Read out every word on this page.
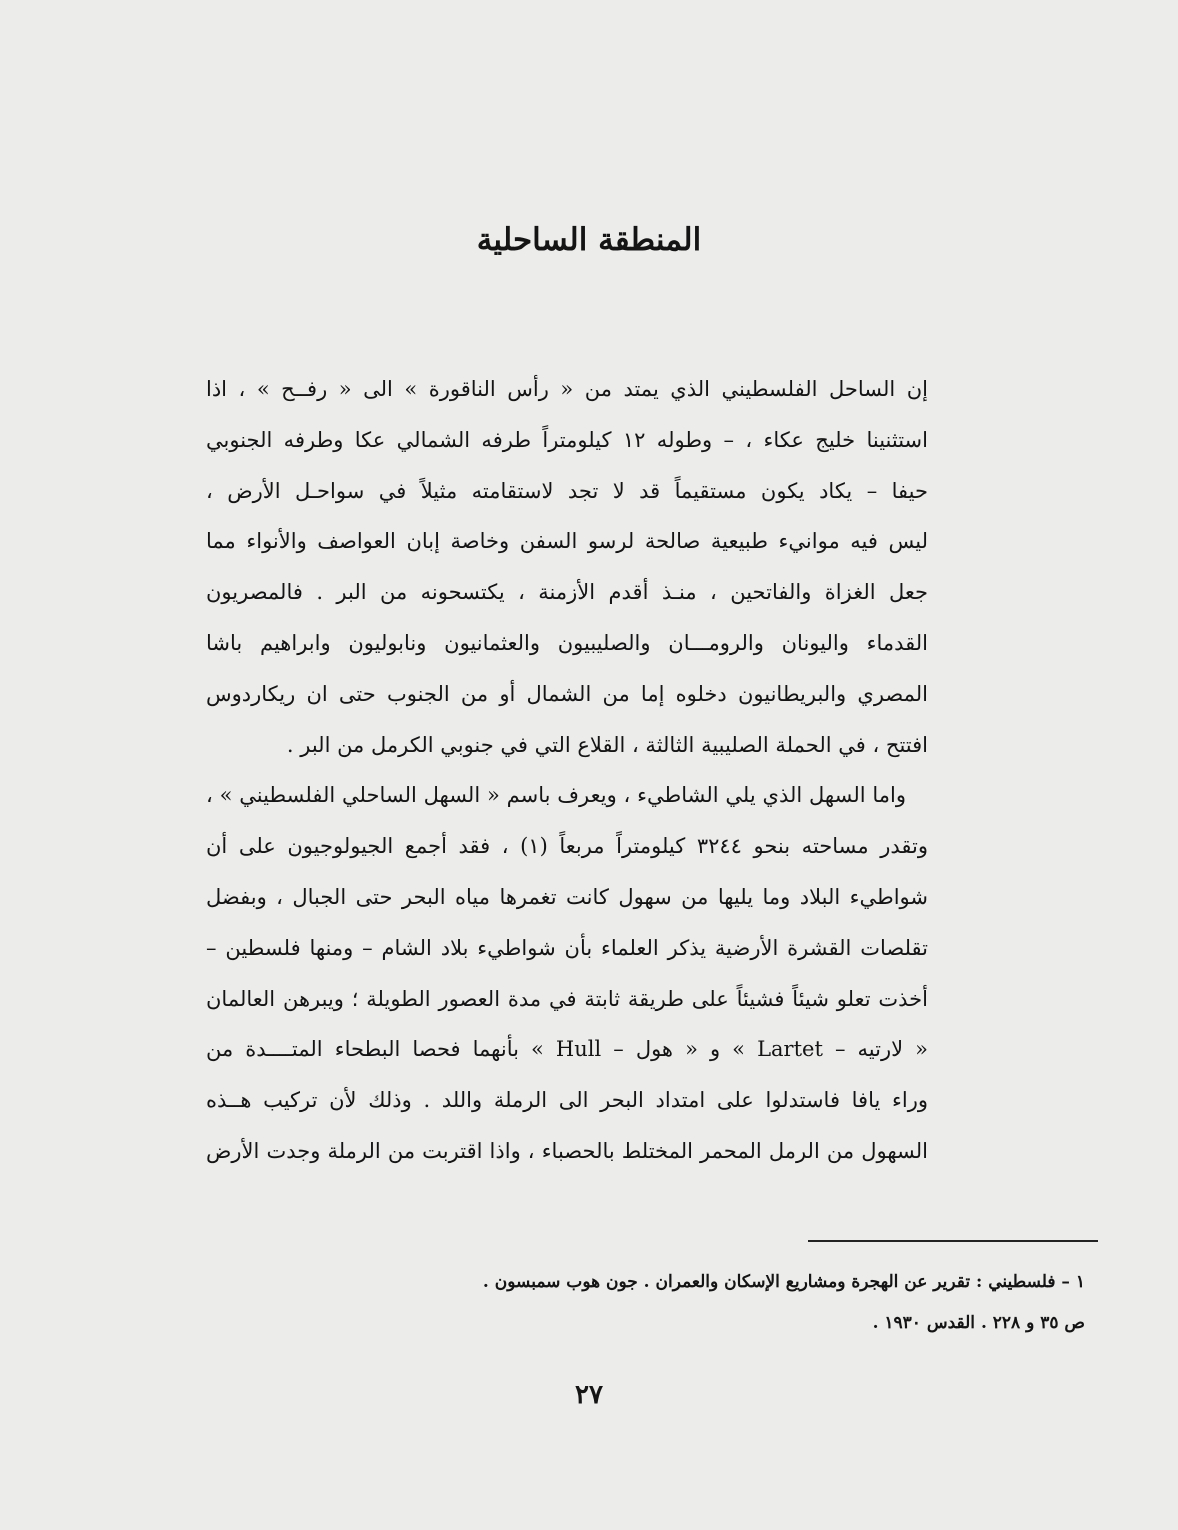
المنطقة الساحلية
إن الساحل الفلسطيني الذي يمتد من « رأس الناقورة » الى « رفــح » ، اذا
استثنينا خليج عكاء ، – وطوله ١٢ كيلومتراً طرفه الشمالي عكا وطرفه الجنوبي
حيفا – يكاد يكون مستقيماً قد لا تجد لاستقامته مثيلاً في سواحـل الأرض ،
ليس فيه موانيء طبيعية صالحة لرسو السفن وخاصة إبان العواصف والأنواء مما
جعل الغزاة والفاتحين ، منـذ أقدم الأزمنة ، يكتسحونه من البر . فالمصريون
القدماء واليونان والرومـــان والصليبيون والعثمانيون ونابوليون وابراهيم باشا
المصري والبريطانيون دخلوه إما من الشمال أو من الجنوب حتى ان ريكاردوس
افتتح ، في الحملة الصليبية الثالثة ، القلاع التي في جنوبي الكرمل من البر .
واما السهل الذي يلي الشاطيء ، ويعرف باسم « السهل الساحلي الفلسطيني » ،
وتقدر مساحته بنحو ٣٢٤٤ كيلومتراً مربعاً (١) ، فقد أجمع الجيولوجيون على أن
شواطيء البلاد وما يليها من سهول كانت تغمرها مياه البحر حتى الجبال ، وبفضل
تقلصات القشرة الأرضية يذكر العلماء بأن شواطيء بلاد الشام – ومنها فلسطين –
أخذت تعلو شيئاً فشيئاً على طريقة ثابتة في مدة العصور الطويلة ؛ ويبرهن العالمان
« لارتيه – Lartet » و « هول – Hull » بأنهما فحصا البطحاء المتــــدة من
وراء يافا فاستدلوا على امتداد البحر الى الرملة واللد . وذلك لأن تركيب هــذه
السهول من الرمل المحمر المختلط بالحصباء ، واذا اقتربت من الرملة وجدت الأرض
١ – فلسطيني : تقرير عن الهجرة ومشاريع الإسكان والعمران . جون هوب سمبسون .
ص ٣٥ و ٢٢٨ . القدس ١٩٣٠ .
٢٧
